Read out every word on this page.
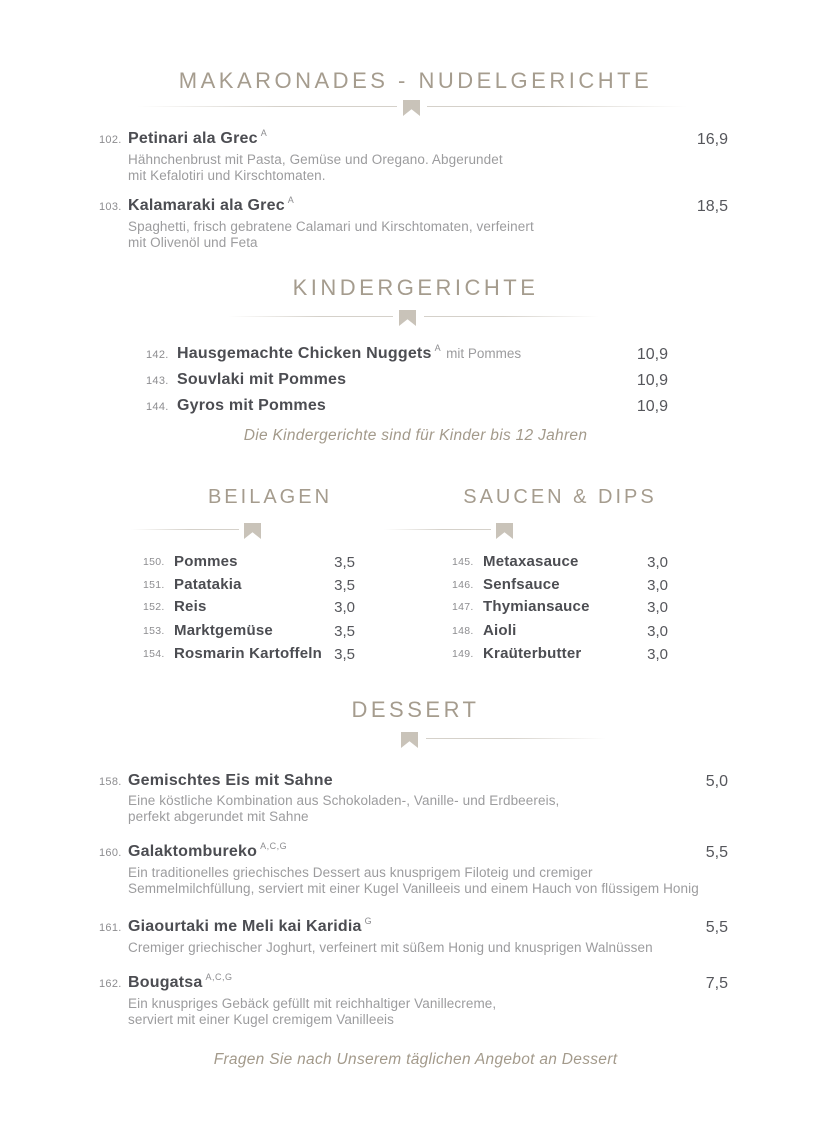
MAKARONADES - NUDELGERICHTE
102. Petinari ala Grec $^A$	16,9
Hähnchenbrust mit Pasta, Gemüse und Oregano. Abgerundet
mit Kefalotiri und Kirschtomaten.
103. Kalamaraki ala Grec $^A$	18,5
Spaghetti, frisch gebratene Calamari und Kirschtomaten, verfeinert
mit Olivenöl und Feta
KINDERGERICHTE
142. Hausgemachte Chicken Nuggets $^A$ mit Pommes	10,9
143. Souvlaki mit Pommes	10,9
144. Gyros mit Pommes	10,9
Die Kindergerichte sind für Kinder bis 12 Jahren
BEILAGEN
150. Pommes	3,5
151. Patatakia	3,5
152. Reis	3,0
153. Marktgemüse	3,5
154. Rosmarin Kartoffeln 3,5
SAUCEN & DIPS
145. Metaxasauce	3,0
146. Senfsauce	3,0
147. Thymiansauce	3,0
148. Aioli	3,0
149. Kraüterbutter	3,0
DESSERT
158. Gemischtes Eis mit Sahne	5,0
Eine köstliche Kombination aus Schokoladen-, Vanille- und Erdbeereis,
perfekt abgerundet mit Sahne
160. Galaktombureko $^{A,C,G}$	5,5
Ein traditionelles griechisches Dessert aus knusprigem Filoteig und cremiger
Semmelmilchfüllung, serviert mit einer Kugel Vanilleeis und einem Hauch von flüssigem Honig
161. Giaourtaki me Meli kai Karidia $^G$	5,5
Cremiger griechischer Joghurt, verfeinert mit süßem Honig und knusprigen Walnüssen
162. Bougatsa $^{A,C,G}$	7,5
Ein knuspriges Gebäck gefüllt mit reichhaltiger Vanillecreme,
serviert mit einer Kugel cremigem Vanilleeis
Fragen Sie nach Unserem täglichen Angebot an Dessert
